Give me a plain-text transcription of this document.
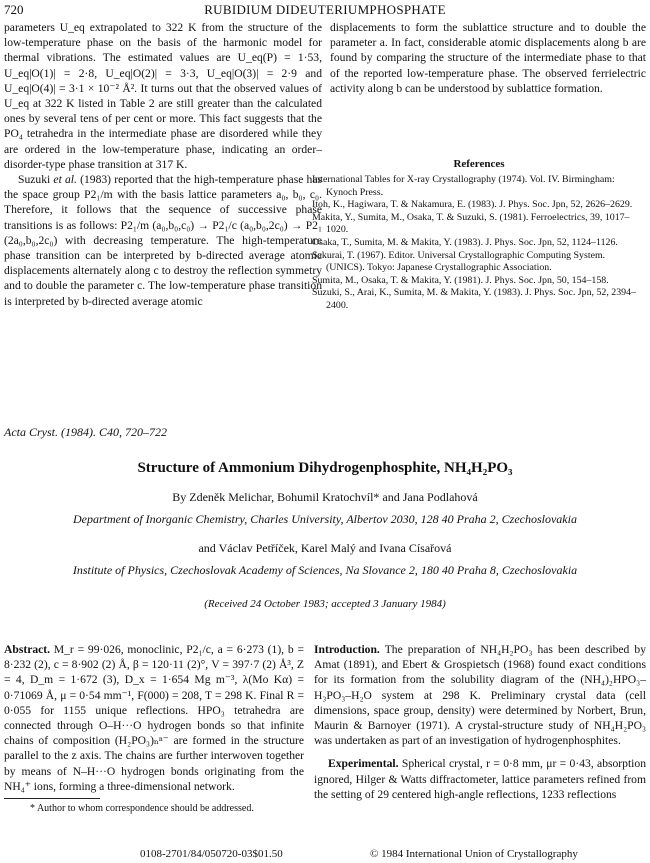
720	RUBIDIUM DIDEUTERIUMPHOSPHATE

parameters U_eq extrapolated to 322 K from the structure of the low-temperature phase on the basis of the harmonic model for thermal vibrations. The estimated values are U_eq(P) = 1·53, U_eq|O(1)| = 2·8, U_eq|O(2)| = 3·3, U_eq|O(3)| = 2·9 and U_eq|O(4)| = 3·1 × 10⁻² Å². It turns out that the observed values of U_eq at 322 K listed in Table 2 are still greater than the calculated ones by several tens of per cent or more. This fact suggests that the PO₄ tetrahedra in the intermediate phase are disordered while they are ordered in the low-temperature phase, indicating an order–disorder-type phase transition at 317 K.

Suzuki et al. (1983) reported that the high-temperature phase has the space group P2₁/m with the basis lattice parameters a₀, b₀, c₀. Therefore, it follows that the sequence of successive phase transitions is as follows: P2₁/m (a₀,b₀,c₀) → P2₁/c (a₀,b₀,2c₀) → P2₁ (2a₀,b₀,2c₀) with decreasing temperature. The high-temperature phase transition can be interpreted by b-directed average atomic displacements alternately along c to destroy the reflection symmetry and to double the parameter c. The low-temperature phase transition is interpreted by b-directed average atomic

displacements to form the sublattice structure and to double the parameter a. In fact, considerable atomic displacements along b are found by comparing the structure of the intermediate phase to that of the reported low-temperature phase. The observed ferrielectric activity along b can be understood by sublattice formation.

References

International Tables for X-ray Crystallography (1974). Vol. IV. Birmingham: Kynoch Press.

Itoh, K., Hagiwara, T. & Nakamura, E. (1983). J. Phys. Soc. Jpn, 52, 2626–2629.

Makita, Y., Sumita, M., Osaka, T. & Suzuki, S. (1981). Ferroelectrics, 39, 1017–1020.

Osaka, T., Sumita, M. & Makita, Y. (1983). J. Phys. Soc. Jpn, 52, 1124–1126.

Sakurai, T. (1967). Editor. Universal Crystallographic Computing System. (UNICS). Tokyo: Japanese Crystallographic Association.

Sumita, M., Osaka, T. & Makita, Y. (1981). J. Phys. Soc. Jpn, 50, 154–158.

Suzuki, S., Arai, K., Sumita, M. & Makita, Y. (1983). J. Phys. Soc. Jpn, 52, 2394–2400.

Acta Cryst. (1984). C40, 720–722
Structure of Ammonium Dihydrogenphosphite, NH₄H₂PO₃
By Zdeněk Melichar, Bohumil Kratochvíl* and Jana Podlahová
Department of Inorganic Chemistry, Charles University, Albertov 2030, 128 40 Praha 2, Czechoslovakia
and Václav Petříček, Karel Malý and Ivana Císařová
Institute of Physics, Czechoslovak Academy of Sciences, Na Slovance 2, 180 40 Praha 8, Czechoslovakia
(Received 24 October 1983; accepted 3 January 1984)

Abstract. M_r = 99·026, monoclinic, P2₁/c, a = 6·273 (1), b = 8·232 (2), c = 8·902 (2) Å, β = 120·11 (2)°, V = 397·7 (2) Å³, Z = 4, D_m = 1·672 (3), D_x = 1·654 Mg m⁻³, λ(Mo Kα) = 0·71069 Å, μ = 0·54 mm⁻¹, F(000) = 208, T = 298 K. Final R = 0·055 for 1155 unique reflections. HPO₃ tetrahedra are connected through O–H···O hydrogen bonds so that infinite chains of composition (H₂PO₃)ₙⁿ⁻ are formed in the structure parallel to the z axis. The chains are further interwoven together by means of N–H···O hydrogen bonds originating from the NH₄⁺ ions, forming a three-dimensional network.

Introduction. The preparation of NH₄H₂PO₃ has been described by Amat (1891), and Ebert & Grospietsch (1968) found exact conditions for its formation from the solubility diagram of the (NH₄)₂HPO₃–H₃PO₃–H₂O system at 298 K. Preliminary crystal data (cell dimensions, space group, density) were determined by Norbert, Brun, Maurin & Barnoyer (1971). A crystal-structure study of NH₄H₂PO₃ was undertaken as part of an investigation of hydrogenphosphites.

Experimental. Spherical crystal, r = 0·8 mm, μr = 0·43, absorption ignored, Hilger & Watts diffractometer, lattice parameters refined from the setting of 29 centered high-angle reflections, 1233 reflections

* Author to whom correspondence should be addressed.
0108-2701/84/050720-03$01.50	© 1984 International Union of Crystallography
